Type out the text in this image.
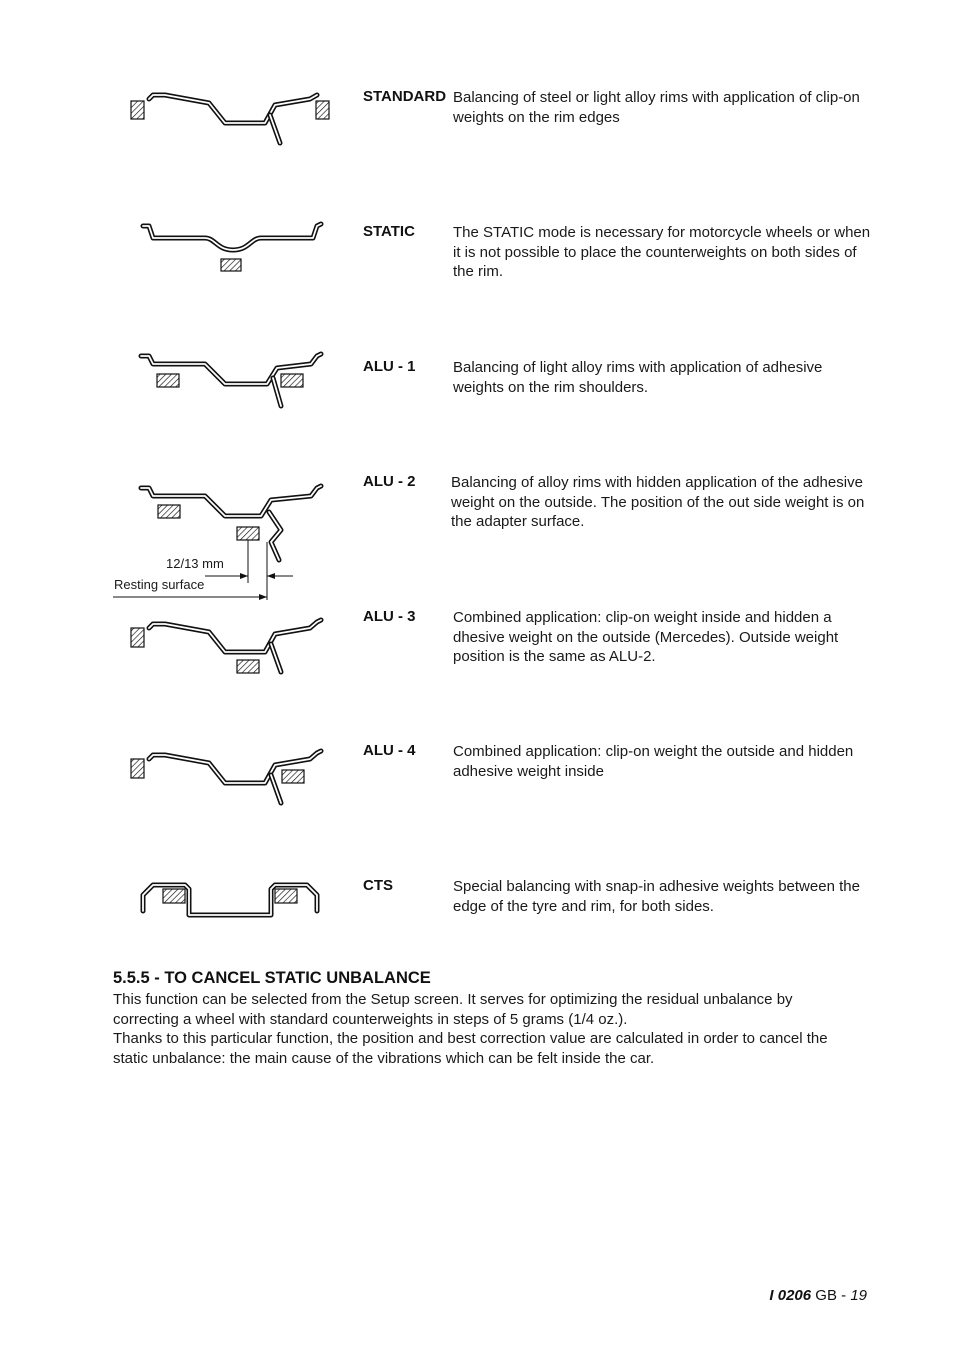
STANDARD Balancing of steel or light alloy rims with application of clip-on weights on the rim edges
STATIC	The STATIC mode is necessary for motorcycle wheels or when it is not possible to place the counterweights on both sides of the rim.
ALU - 1	Balancing of light alloy rims with application of adhesive weights on the rim shoulders.
12/13 mm
Resting surface
ALU - 2 Balancing of alloy rims with hidden application of the adhesive weight on the outside. The position of the out side weight is on the adapter surface.
ALU - 3	Combined application: clip-on weight inside and hidden a dhesive weight on the outside (Mercedes). Outside weight position is the same as ALU-2.
ALU - 4	Combined application: clip-on weight the outside and hidden adhesive weight inside
CTS	Special balancing with snap-in adhesive weights between the edge of the tyre and rim, for both sides.
5.5.5 - TO CANCEL STATIC UNBALANCE
This function can be selected from the Setup screen. It serves for optimizing the residual unbalance by correcting a wheel with standard counterweights in steps of 5 grams (1/4 oz.).
Thanks to this particular function, the position and best correction value are calculated in order to cancel the static unbalance: the main cause of the vibrations which can be felt inside the car.
I 0206 GB - 19
